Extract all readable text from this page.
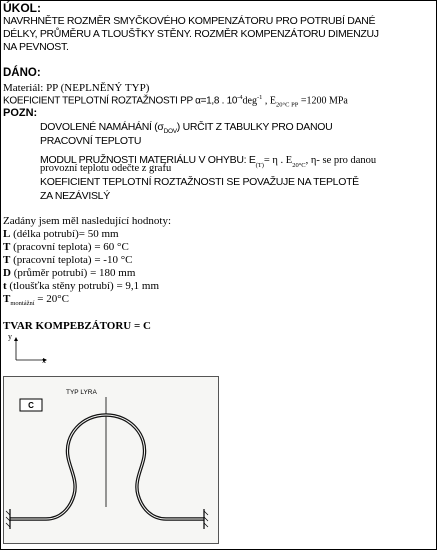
ÚKOL:
NAVRHNĚTE ROZMĚR SMYČKOVÉHO KOMPENZÁTORU PRO POTRUBÍ DANÉ
DÉLKY, PRŮMĚRU A TLOUŠŤKY STĚNY. ROZMĚR KOMPENZÁTORU DIMENZUJ
NA PEVNOST.
DÁNO:
Materiál: PP (NEPLNĚNÝ TYP)
KOEFICIENT TEPLOTNÍ ROZTAŽNOSTI PP α=1,8 . $10^{-4}deg^{-1}$ , $E_{20^\circ C PP} =1200$ MPa
POZN:
DOVOLENÉ NAMÁHÁNÍ $(\sigma_{DOV})$ URČIT Z TABULKY PRO DANOU
PRACOVNÍ TEPLOTU
MODUL PRUŽNOSTI MATERIÁLU V OHYBU: $E_{(T)}= \eta$ . $E_{20^\circ C}$, η- se pro danou
provozní teplotu odečte z grafu
KOEFICIENT TEPLOTNÍ ROZTAŽNOSTI SE POVAŽUJE NA TEPLOTĚ
ZA NEZÁVISLÝ
Zadány jsem měl nasledující hodnoty:
L (délka potrubí)= 50 mm
T (pracovní teplota) = 60 °C
T (pracovní teplota) = -10 °C
D (průměr potrubí) = 180 mm
t (tloušťka stěny potrubí) = 9,1 mm
$T_{montážní} = 20^\circ C$
TVAR KOMPEBZÁTORU = C
y
x
C
TYP LYRA
